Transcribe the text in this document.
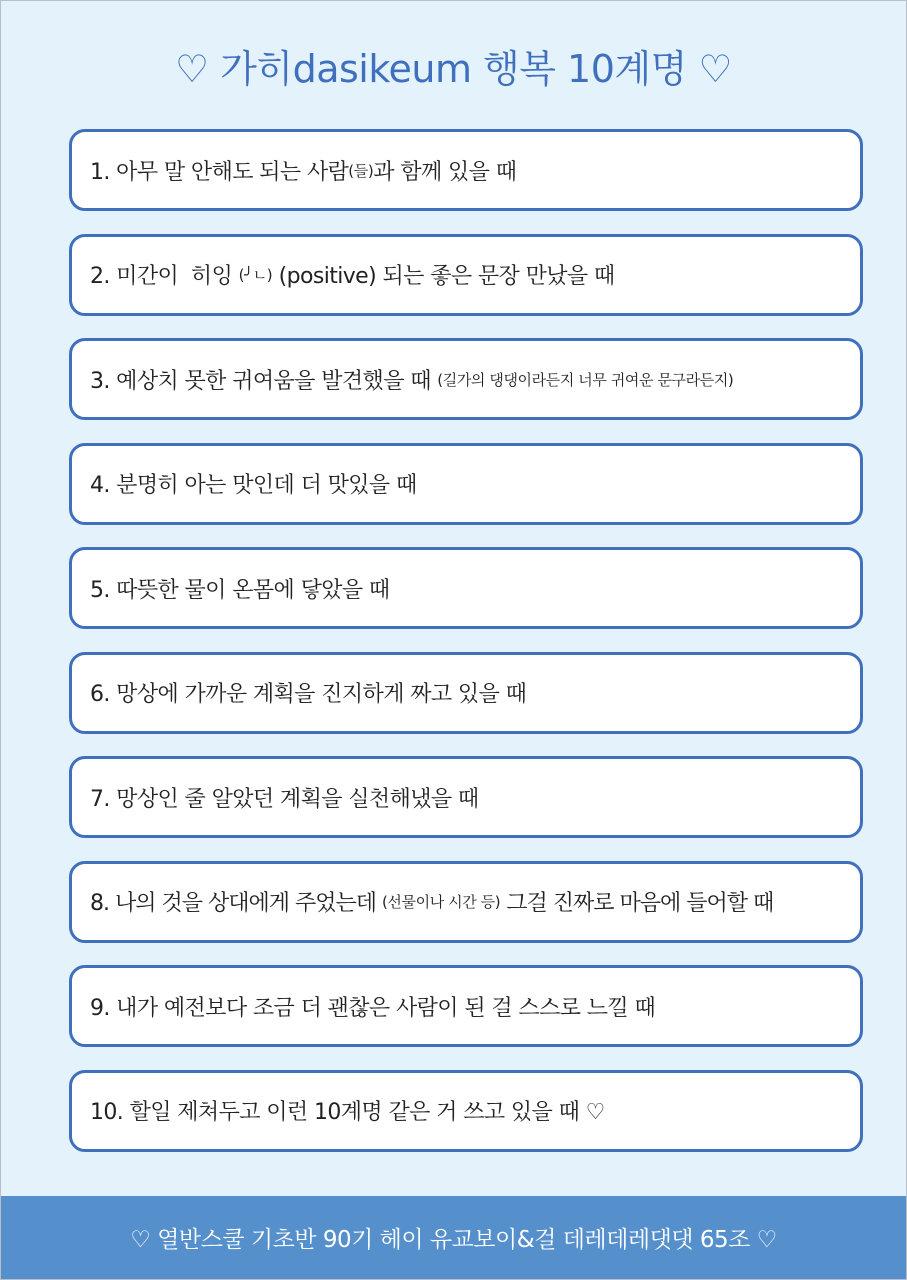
♡ 가히dasikeum 행복 10계명 ♡
1. 아무 말 안해도 되는 사람 (들) 과 함께 있을 때
2. 미간이  히잉 (╯ㄴ) (positive) 되는 좋은 문장 만났을 때
3. 예상치 못한 귀여움을 발견했을 때 (길가의 댕댕이라든지 너무 귀여운 문구라든지)
4. 분명히 아는 맛인데 더 맛있을 때
5. 따뜻한 물이 온몸에 닿았을 때
6. 망상에 가까운 계획을 진지하게 짜고 있을 때
7. 망상인 줄 알았던 계획을 실천해냈을 때
8. 나의 것을 상대에게 주었는데 (선물이나 시간 등) 그걸 진짜로 마음에 들어할 때
9. 내가 예전보다 조금 더 괜찮은 사람이 된 걸 스스로 느낄 때
10. 할일 제쳐두고 이런 10계명 같은 거 쓰고 있을 때 ♡
♡ 열반스쿨 기초반 90기 헤이 유교보이&걸 데레데레댓댓 65조 ♡
